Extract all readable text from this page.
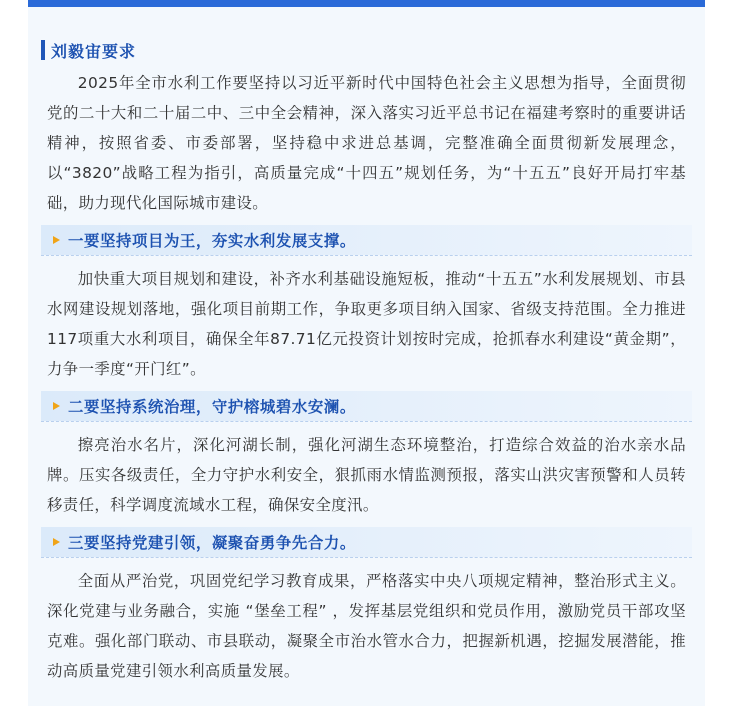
刘毅宙要求

2025年全市水利工作要坚持以习近平新时代中国特色社会主义思想为指导，全面贯彻党的二十大和二十届二中、三中全会精神，深入落实习近平总书记在福建考察时的重要讲话精神，按照省委、市委部署，坚持稳中求进总基调，完整准确全面贯彻新发展理念，以“3820”战略工程为指引，高质量完成“十四五”规划任务，为“十五五”良好开局打牢基础，助力现代化国际城市建设。

一要坚持项目为王，夯实水利发展支撑。

加快重大项目规划和建设，补齐水利基础设施短板，推动“十五五”水利发展规划、市县水网建设规划落地，强化项目前期工作，争取更多项目纳入国家、省级支持范围。全力推进117项重大水利项目，确保全年87.71亿元投资计划按时完成，抢抓春水利建设“黄金期”，力争一季度“开门红”。

二要坚持系统治理，守护榕城碧水安澜。

擦亮治水名片，深化河湖长制，强化河湖生态环境整治，打造综合效益的治水亲水品牌。压实各级责任，全力守护水利安全，狠抓雨水情监测预报，落实山洪灾害预警和人员转移责任，科学调度流域水工程，确保安全度汛。

三要坚持党建引领，凝聚奋勇争先合力。

全面从严治党，巩固党纪学习教育成果，严格落实中央八项规定精神，整治形式主义。深化党建与业务融合，实施 “堡垒工程” ，发挥基层党组织和党员作用，激励党员干部攻坚克难。强化部门联动、市县联动，凝聚全市治水管水合力，把握新机遇，挖掘发展潜能，推动高质量党建引领水利高质量发展。
